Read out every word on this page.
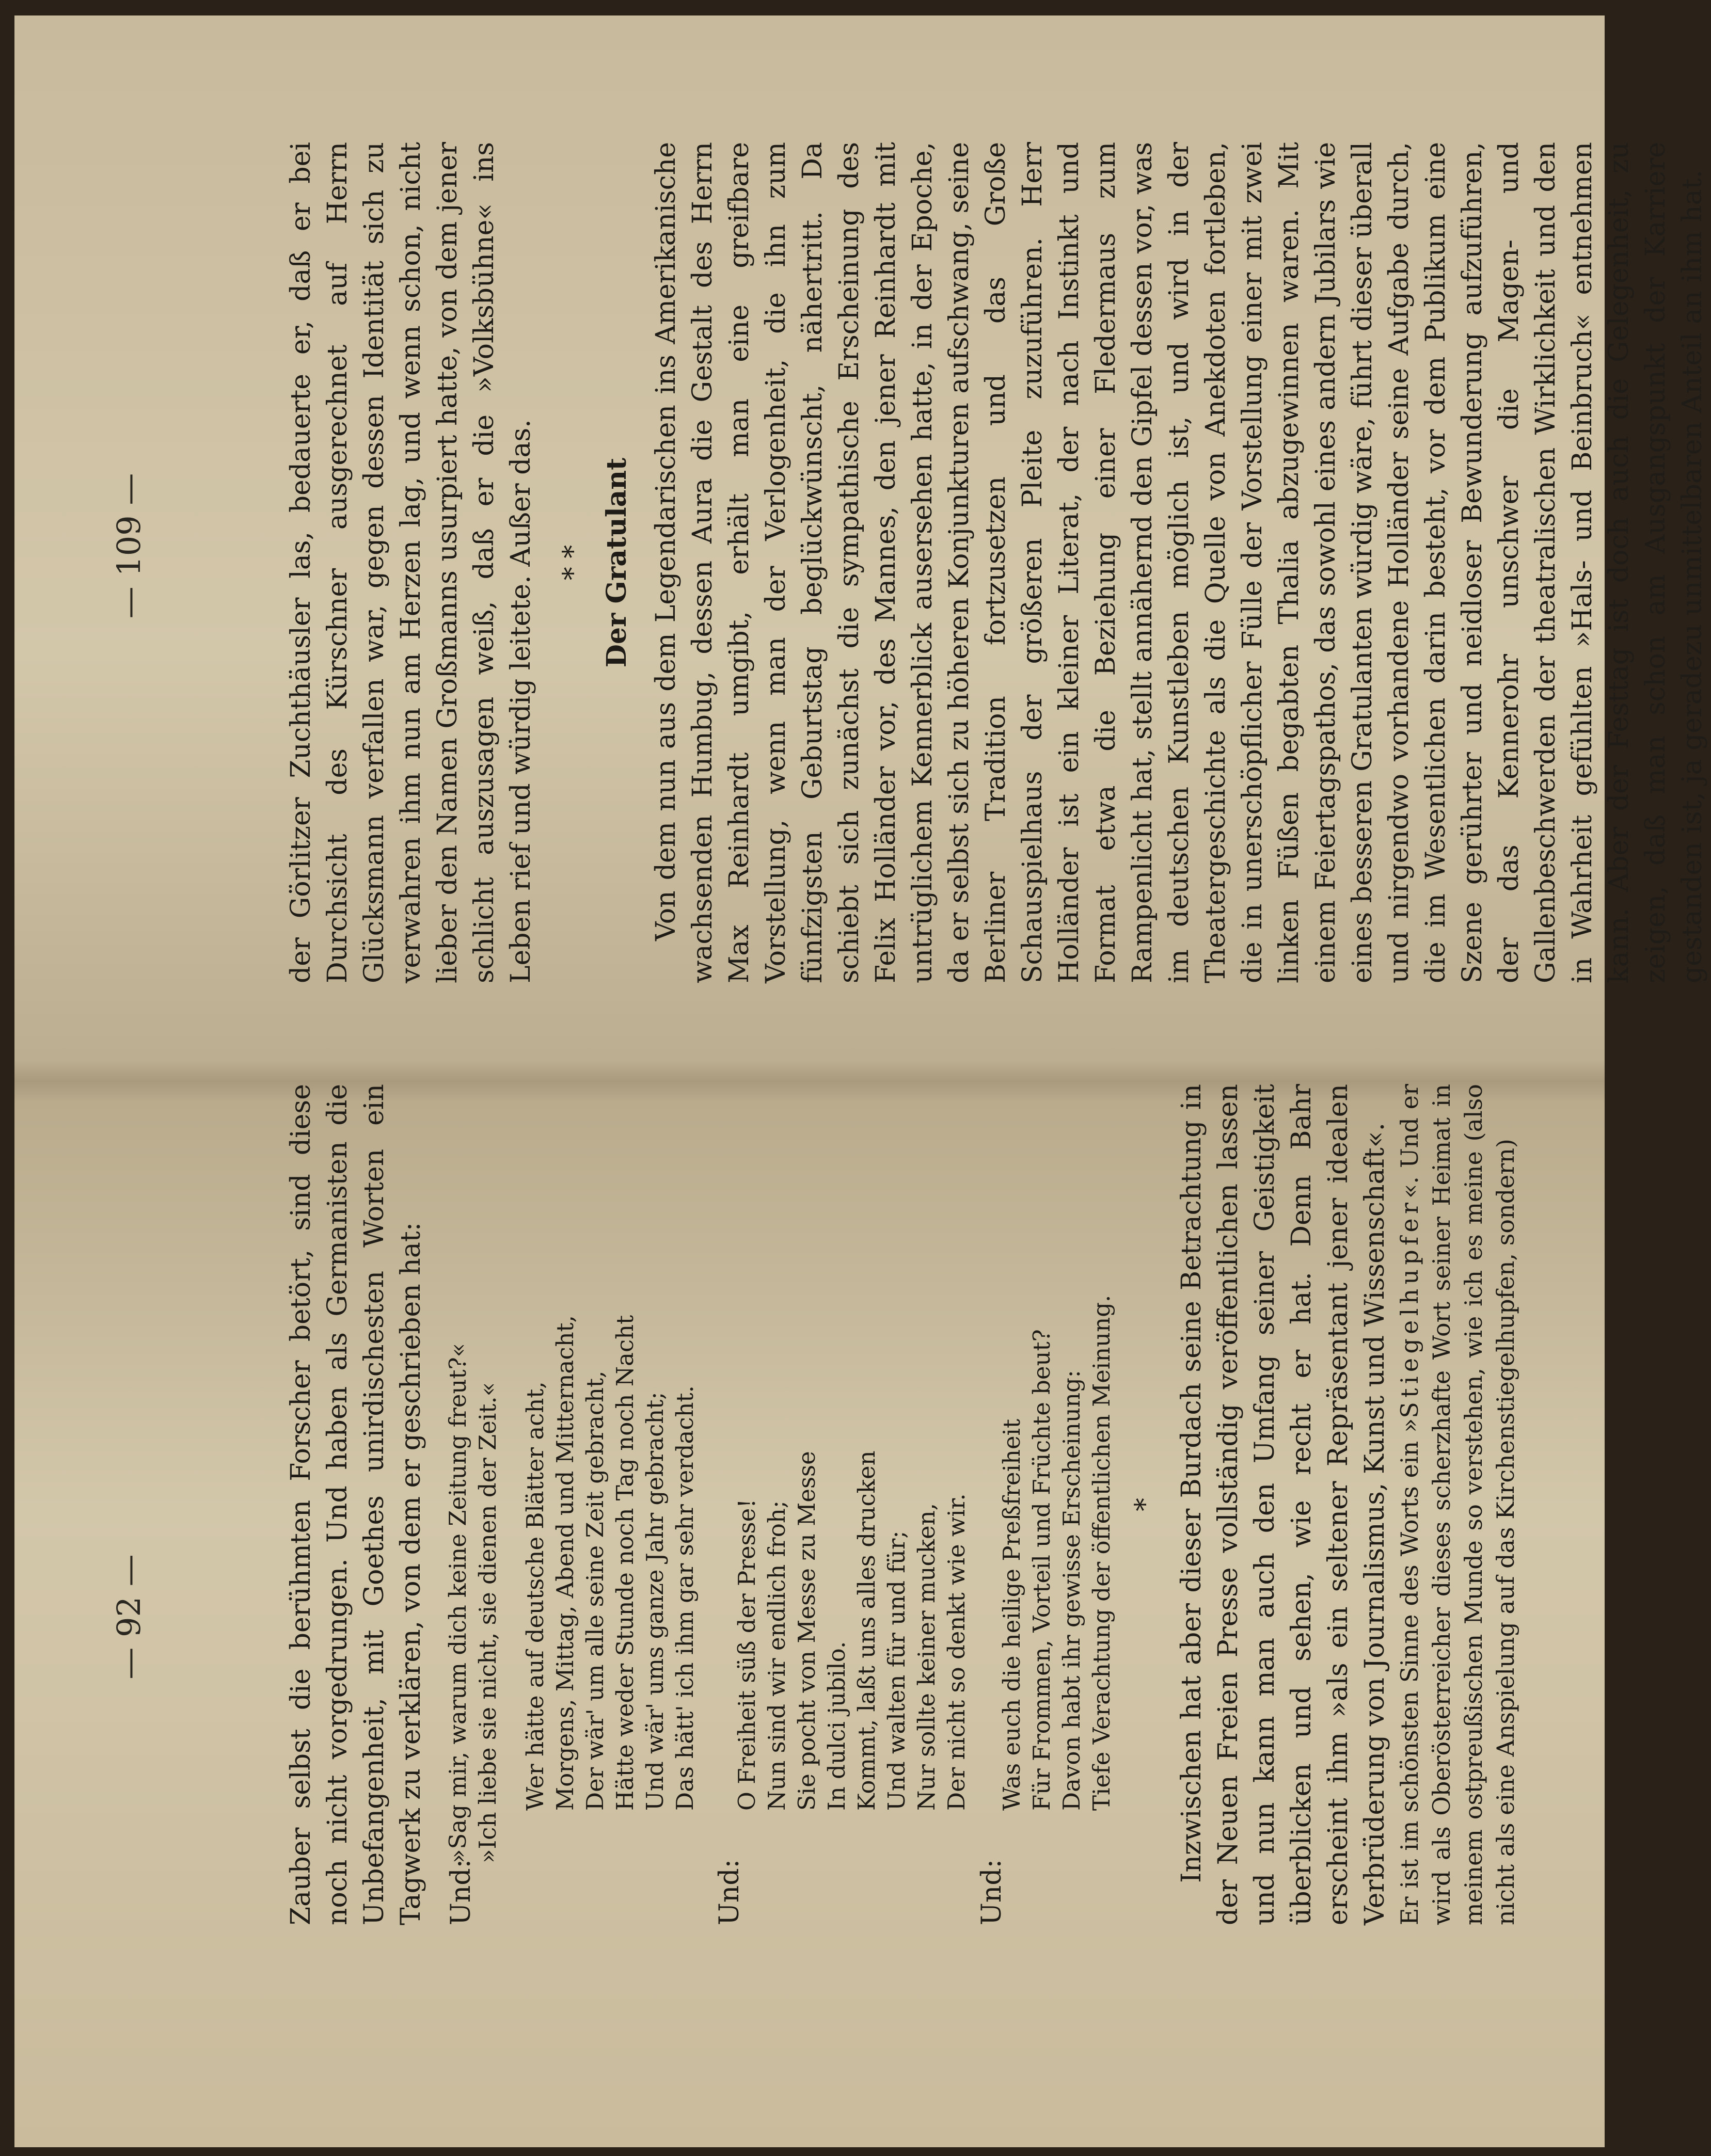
— 92 —	Zauber selbst die berühmten Forscher betört, sind diese noch nicht vorgedrungen. Und haben als Germanisten die Unbefangenheit, mit Goethes unirdischesten Worten ein Tagwerk zu verklären, von dem er geschrieben hat: Und:
»Sag mir, warum dich keine Zeitung freut?« »Ich liebe sie nicht, sie dienen der Zeit.« Wer hätte auf deutsche Blätter acht, Morgens, Mittag, Abend und Mitternacht, Der wär' um alle seine Zeit gebracht, Hätte weder Stunde noch Tag noch Nacht Und wär' ums ganze Jahr gebracht; Das hätt' ich ihm gar sehr verdacht.
Und:
O Freiheit süß der Presse! Nun sind wir endlich froh; Sie pocht von Messe zu Messe In dulci jubilo. Kommt, laßt uns alles drucken Und walten für und für; Nur sollte keiner mucken, Der nicht so denkt wie wir.
Und:
Was euch die heilige Preßfreiheit Für Frommen, Vorteil und Früchte beut? Davon habt ihr gewisse Erscheinung: Tiefe Verachtung der öffentlichen Meinung. * Inzwischen hat aber dieser Burdach seine Betrachtung in der Neuen Freien Presse vollständig veröffentlichen lassen und nun kann man auch den Umfang seiner Geistigkeit überblicken und sehen, wie recht er hat. Denn Bahr erscheint ihm »als ein seltener Repräsentant jener idealen Verbrüderung von Journalismus, Kunst und Wissenschaft«. Er ist im schönsten Sinne des Worts ein »Stiegelhupfer«. Und er wird als Oberösterreicher dieses scherzhafte Wort seiner Heimat in meinem ostpreußischen Munde so verstehen, wie ich es meine (also nicht als eine Anspielung auf das Kirchenstiegelhupfen, sondern)

— 109 —	der Görlitzer Zuchthäusler las, bedauerte er, daß er bei Durchsicht des Kürschner ausgerechnet auf Herrn Glücksmann verfallen war, gegen dessen Identität sich zu verwahren ihm nun am Herzen lag, und wenn schon, nicht lieber den Namen Großmanns usurpiert hatte, von dem jener schlicht auszusagen weiß, daß er die »Volksbühne« ins Leben rief und würdig leitete. Außer das. * * Der Gratulant Von dem nun aus dem Legendarischen ins Amerikanische wachsenden Humbug, dessen Aura die Gestalt des Herrn Max Reinhardt umgibt, erhält man eine greifbare Vorstellung, wenn man der Verlogenheit, die ihn zum fünfzigsten Geburtstag beglückwünscht, nähertritt. Da schiebt sich zunächst die sympathische Erscheinung des Felix Holländer vor, des Mannes, den jener Reinhardt mit untrüglichem Kennerblick ausersehen hatte, in der Epoche, da er selbst sich zu höheren Konjunkturen aufschwang, seine Berliner Tradition fortzusetzen und das Große Schauspielhaus der größeren Pleite zuzuführen. Herr Holländer ist ein kleiner Literat, der nach Instinkt und Format etwa die Beziehung einer Fledermaus zum Rampenlicht hat, stellt annähernd den Gipfel dessen vor, was im deutschen Kunstleben möglich ist, und wird in der Theatergeschichte als die Quelle von Anekdoten fortleben, die in unerschöpflicher Fülle der Vorstellung einer mit zwei linken Füßen begabten Thalia abzugewinnen waren. Mit einem Feiertagspathos, das sowohl eines andern Jubilars wie eines besseren Gratulanten würdig wäre, führt dieser überall und nirgendwo vorhandene Holländer seine Aufgabe durch, die im Wesentlichen darin besteht, vor dem Publikum eine Szene gerührter und neidloser Bewunderung aufzuführen, der das Kennerohr unschwer die Magen- und Gallenbeschwerden der theatralischen Wirklichkeit und den in Wahrheit gefühlten »Hals- und Beinbruch« entnehmen kann. Aber der Festtag ist doch auch die Gelegenheit, zu zeigen, daß man schon am Ausgangspunkt der Karriere gestanden ist, ja geradezu unmittelbaren Anteil an ihm hat.
